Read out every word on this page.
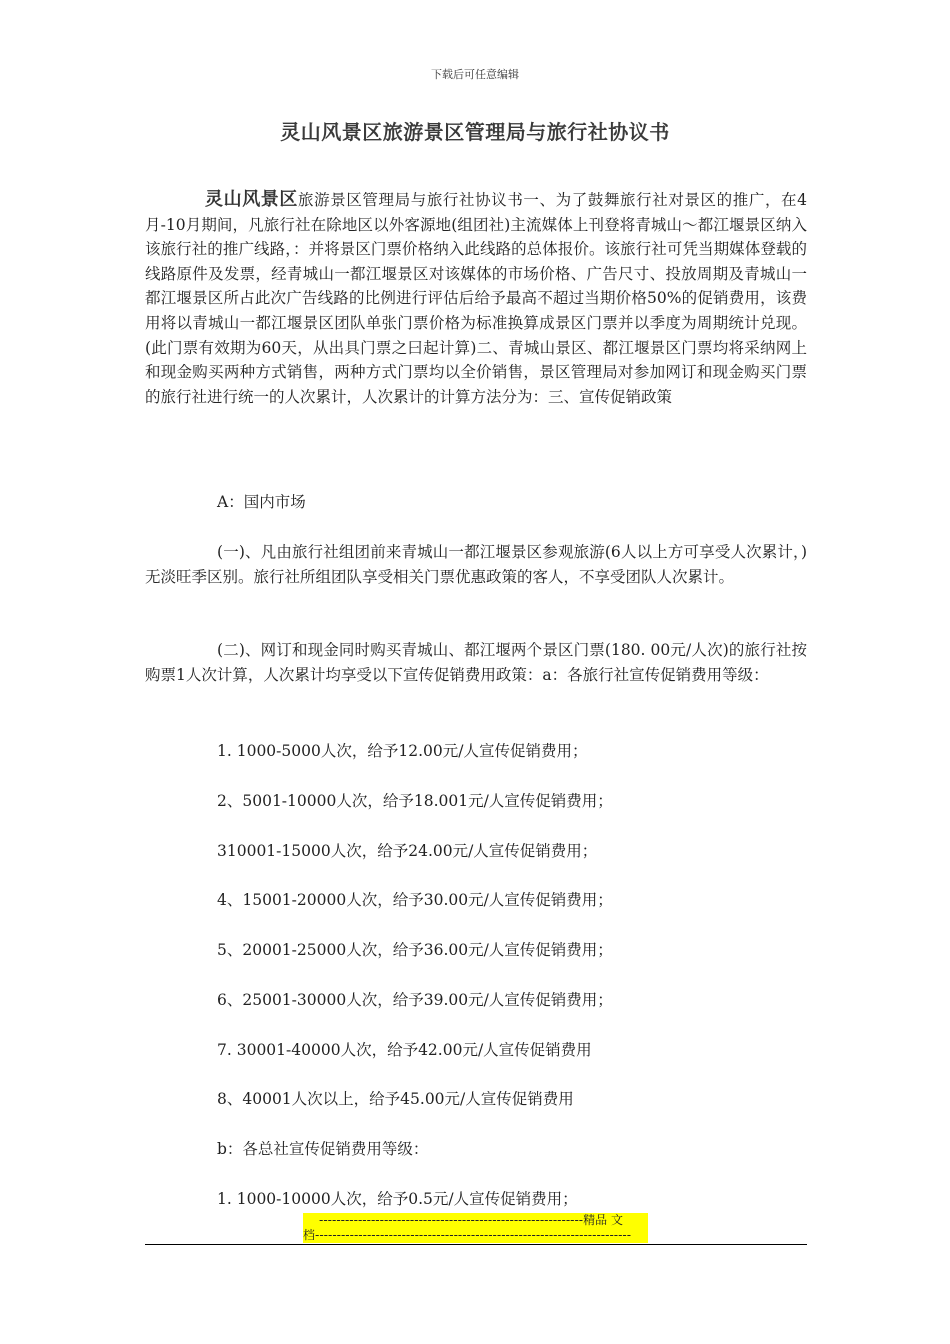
下载后可任意编辑
灵山风景区旅游景区管理局与旅行社协议书
灵山风景区旅游景区管理局与旅行社协议书一、为了鼓舞旅行社对景区的推广，在4月-10月期间，凡旅行社在除地区以外客源地(组团社)主流媒体上刊登将青城山～都江堰景区纳入该旅行社的推广线路，：并将景区门票价格纳入此线路的总体报价。该旅行社可凭当期媒体登载的线路原件及发票，经青城山一都江堰景区对该媒体的市场价格、广告尺寸、投放周期及青城山一都江堰景区所占此次广告线路的比例进行评估后给予最高不超过当期价格50%的促销费用，该费用将以青城山一都江堰景区团队单张门票价格为标准换算成景区门票并以季度为周期统计兑现。(此门票有效期为60天，从出具门票之曰起计算)二、青城山景区、都江堰景区门票均将采纳网上和现金购买两种方式销售，两种方式门票均以全价销售，景区管理局对参加网订和现金购买门票的旅行社进行统一的人次累计，人次累计的计算方法分为：三、宣传促销政策
A：国内市场
(一)、凡由旅行社组团前来青城山一都江堰景区参观旅游(6人以上方可享受人次累计，)无淡旺季区别。旅行社所组团队享受相关门票优惠政策的客人，不享受团队人次累计。
(二)、网订和现金同时购买青城山、都江堰两个景区门票(180. 00元/人次)的旅行社按购票1人次计算，人次累计均享受以下宣传促销费用政策：a：各旅行社宣传促销费用等级：
1. 1000-5000人次，给予12.00元/人宣传促销费用；
2、5001-10000人次，给予18.001元/人宣传促销费用；
310001-15000人次，给予24.00元/人宣传促销费用；
4、15001-20000人次，给予30.00元/人宣传促销费用；
5、20001-25000人次，给予36.00元/人宣传促销费用；
6、25001-30000人次，给予39.00元/人宣传促销费用；
7. 30001-40000人次，给予42.00元/人宣传促销费用
8、40001人次以上，给予45.00元/人宣传促销费用
b：各总社宣传促销费用等级：
1. 1000-10000人次，给予0.5元/人宣传促销费用；
-------------------------------------------------------------精品 文
档-------------------------------------------------------------------------
